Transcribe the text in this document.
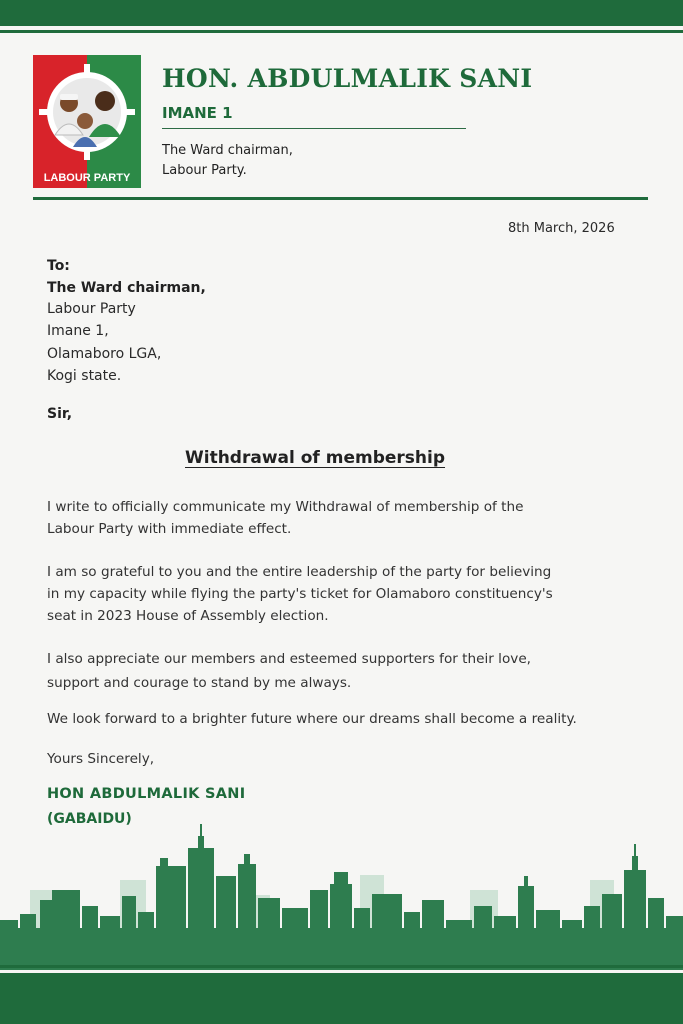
LABOUR PARTY
HON. ABDULMALIK SANI
IMANE 1
The Ward chairman,
Labour Party.
8th March, 2026
To:
The Ward chairman,
Labour Party
Imane 1,
Olamaboro LGA,
Kogi state.
Sir,
Withdrawal of membership
I write to officially communicate my Withdrawal of membership of the
Labour Party with immediate effect.
I am so grateful to you and the entire leadership of the party for believing
in my capacity while flying the party's ticket for Olamaboro constituency's
seat in 2023 House of Assembly election.
I also appreciate our members and esteemed supporters for their love,
support and courage to stand by me always.
We look forward to a brighter future where our dreams shall become a reality.
Yours Sincerely,
HON ABDULMALIK SANI
(GABAIDU)
